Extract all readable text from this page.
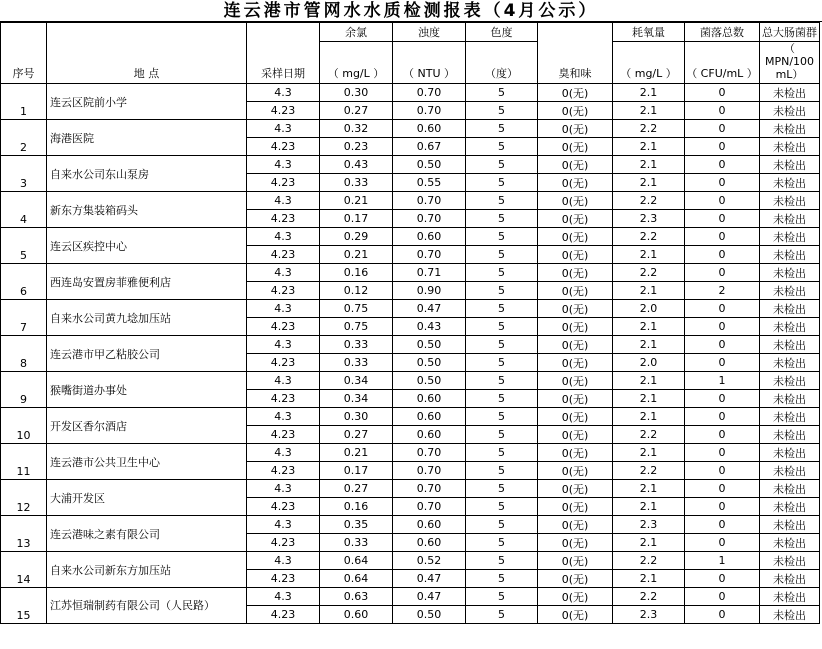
连云港市管网水水质检测报表（4月公示）
序号	地 点	采样日期	余氯	浊度	色度	臭和味	耗氧量	菌落总数	总大肠菌群
			（ mg/L ）	（ NTU ）	（度）		（ mg/L ）	（ CFU/mL ）	（ MPN/100 mL）
1	连云区院前小学	4.3	0.30	0.70	5	0(无)	2.1	0	未检出
		4.23	0.27	0.70	5	0(无)	2.1	0	未检出
2	海港医院	4.3	0.32	0.60	5	0(无)	2.2	0	未检出
		4.23	0.23	0.67	5	0(无)	2.1	0	未检出
3	自来水公司东山泵房	4.3	0.43	0.50	5	0(无)	2.1	0	未检出
		4.23	0.33	0.55	5	0(无)	2.1	0	未检出
4	新东方集装箱码头	4.3	0.21	0.70	5	0(无)	2.2	0	未检出
		4.23	0.17	0.70	5	0(无)	2.3	0	未检出
5	连云区疾控中心	4.3	0.29	0.60	5	0(无)	2.2	0	未检出
		4.23	0.21	0.70	5	0(无)	2.1	0	未检出
6	西连岛安置房菲雅便利店	4.3	0.16	0.71	5	0(无)	2.2	0	未检出
		4.23	0.12	0.90	5	0(无)	2.1	2	未检出
7	自来水公司黄九埝加压站	4.3	0.75	0.47	5	0(无)	2.0	0	未检出
		4.23	0.75	0.43	5	0(无)	2.1	0	未检出
8	连云港市甲乙粘胶公司	4.3	0.33	0.50	5	0(无)	2.1	0	未检出
		4.23	0.33	0.50	5	0(无)	2.0	0	未检出
9	猴嘴街道办事处	4.3	0.34	0.50	5	0(无)	2.1	1	未检出
		4.23	0.34	0.60	5	0(无)	2.1	0	未检出
10	开发区香尔酒店	4.3	0.30	0.60	5	0(无)	2.1	0	未检出
		4.23	0.27	0.60	5	0(无)	2.2	0	未检出
11	连云港市公共卫生中心	4.3	0.21	0.70	5	0(无)	2.1	0	未检出
		4.23	0.17	0.70	5	0(无)	2.2	0	未检出
12	大浦开发区	4.3	0.27	0.70	5	0(无)	2.1	0	未检出
		4.23	0.16	0.70	5	0(无)	2.1	0	未检出
13	连云港味之素有限公司	4.3	0.35	0.60	5	0(无)	2.3	0	未检出
		4.23	0.33	0.60	5	0(无)	2.1	0	未检出
14	自来水公司新东方加压站	4.3	0.64	0.52	5	0(无)	2.2	1	未检出
		4.23	0.64	0.47	5	0(无)	2.1	0	未检出
15	江苏恒瑞制药有限公司（人民路）	4.3	0.63	0.47	5	0(无)	2.2	0	未检出
		4.23	0.60	0.50	5	0(无)	2.3	0	未检出
